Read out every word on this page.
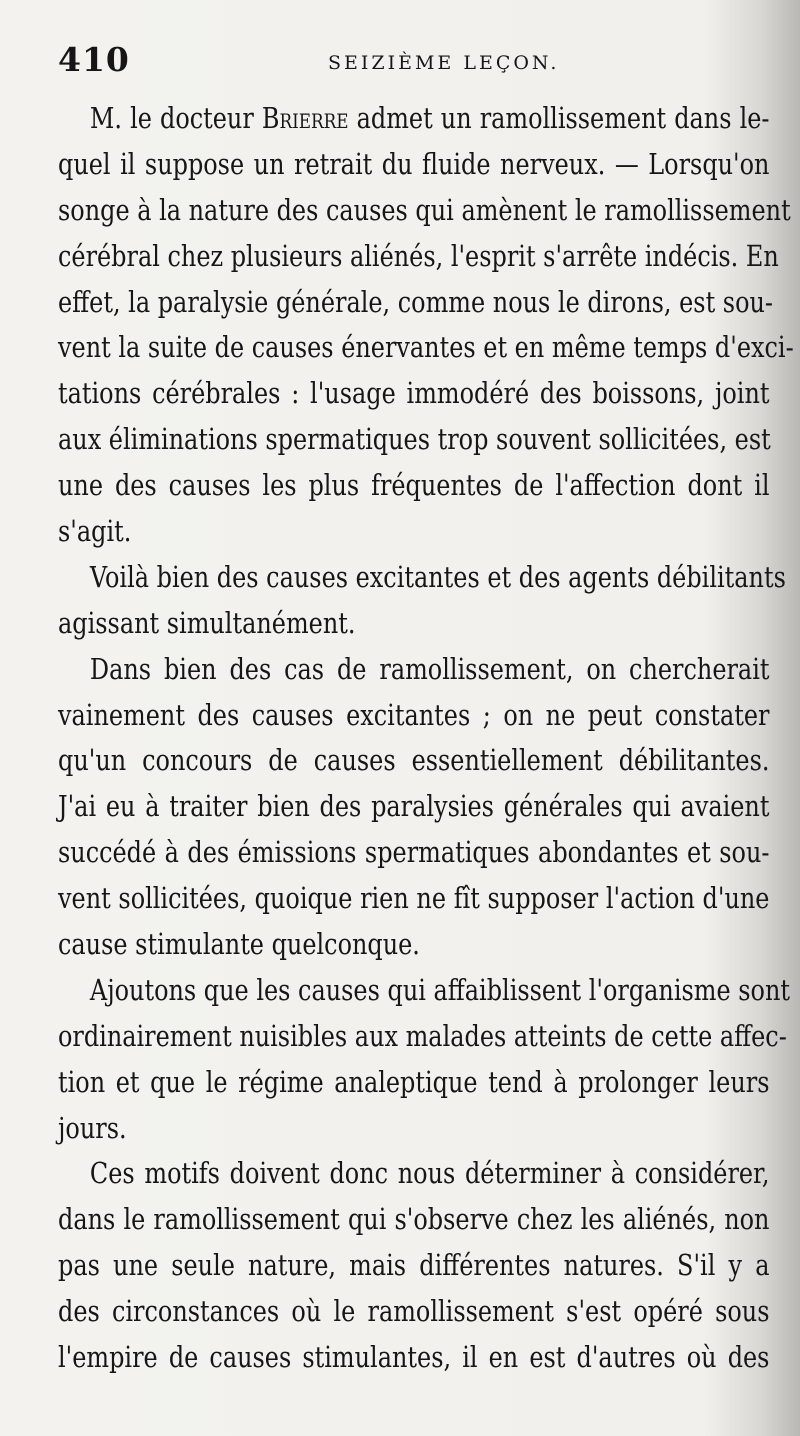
410	SEIZIÈME LEÇON.
M. le docteur Brierre admet un ramollissement dans le-
quel il suppose un retrait du fluide nerveux. — Lorsqu'on
songe à la nature des causes qui amènent le ramollissement
cérébral chez plusieurs aliénés, l'esprit s'arrête indécis. En
effet, la paralysie générale, comme nous le dirons, est sou-
vent la suite de causes énervantes et en même temps d'exci-
tations cérébrales : l'usage immodéré des boissons, joint
aux éliminations spermatiques trop souvent sollicitées, est
une des causes les plus fréquentes de l'affection dont il
s'agit.
Voilà bien des causes excitantes et des agents débilitants
agissant simultanément.
Dans bien des cas de ramollissement, on chercherait
vainement des causes excitantes ; on ne peut constater
qu'un concours de causes essentiellement débilitantes.
J'ai eu à traiter bien des paralysies générales qui avaient
succédé à des émissions spermatiques abondantes et sou-
vent sollicitées, quoique rien ne fît supposer l'action d'une
cause stimulante quelconque.
Ajoutons que les causes qui affaiblissent l'organisme sont
ordinairement nuisibles aux malades atteints de cette affec-
tion et que le régime analeptique tend à prolonger leurs
jours.
Ces motifs doivent donc nous déterminer à considérer,
dans le ramollissement qui s'observe chez les aliénés, non
pas une seule nature, mais différentes natures. S'il y a
des circonstances où le ramollissement s'est opéré sous
l'empire de causes stimulantes, il en est d'autres où des
